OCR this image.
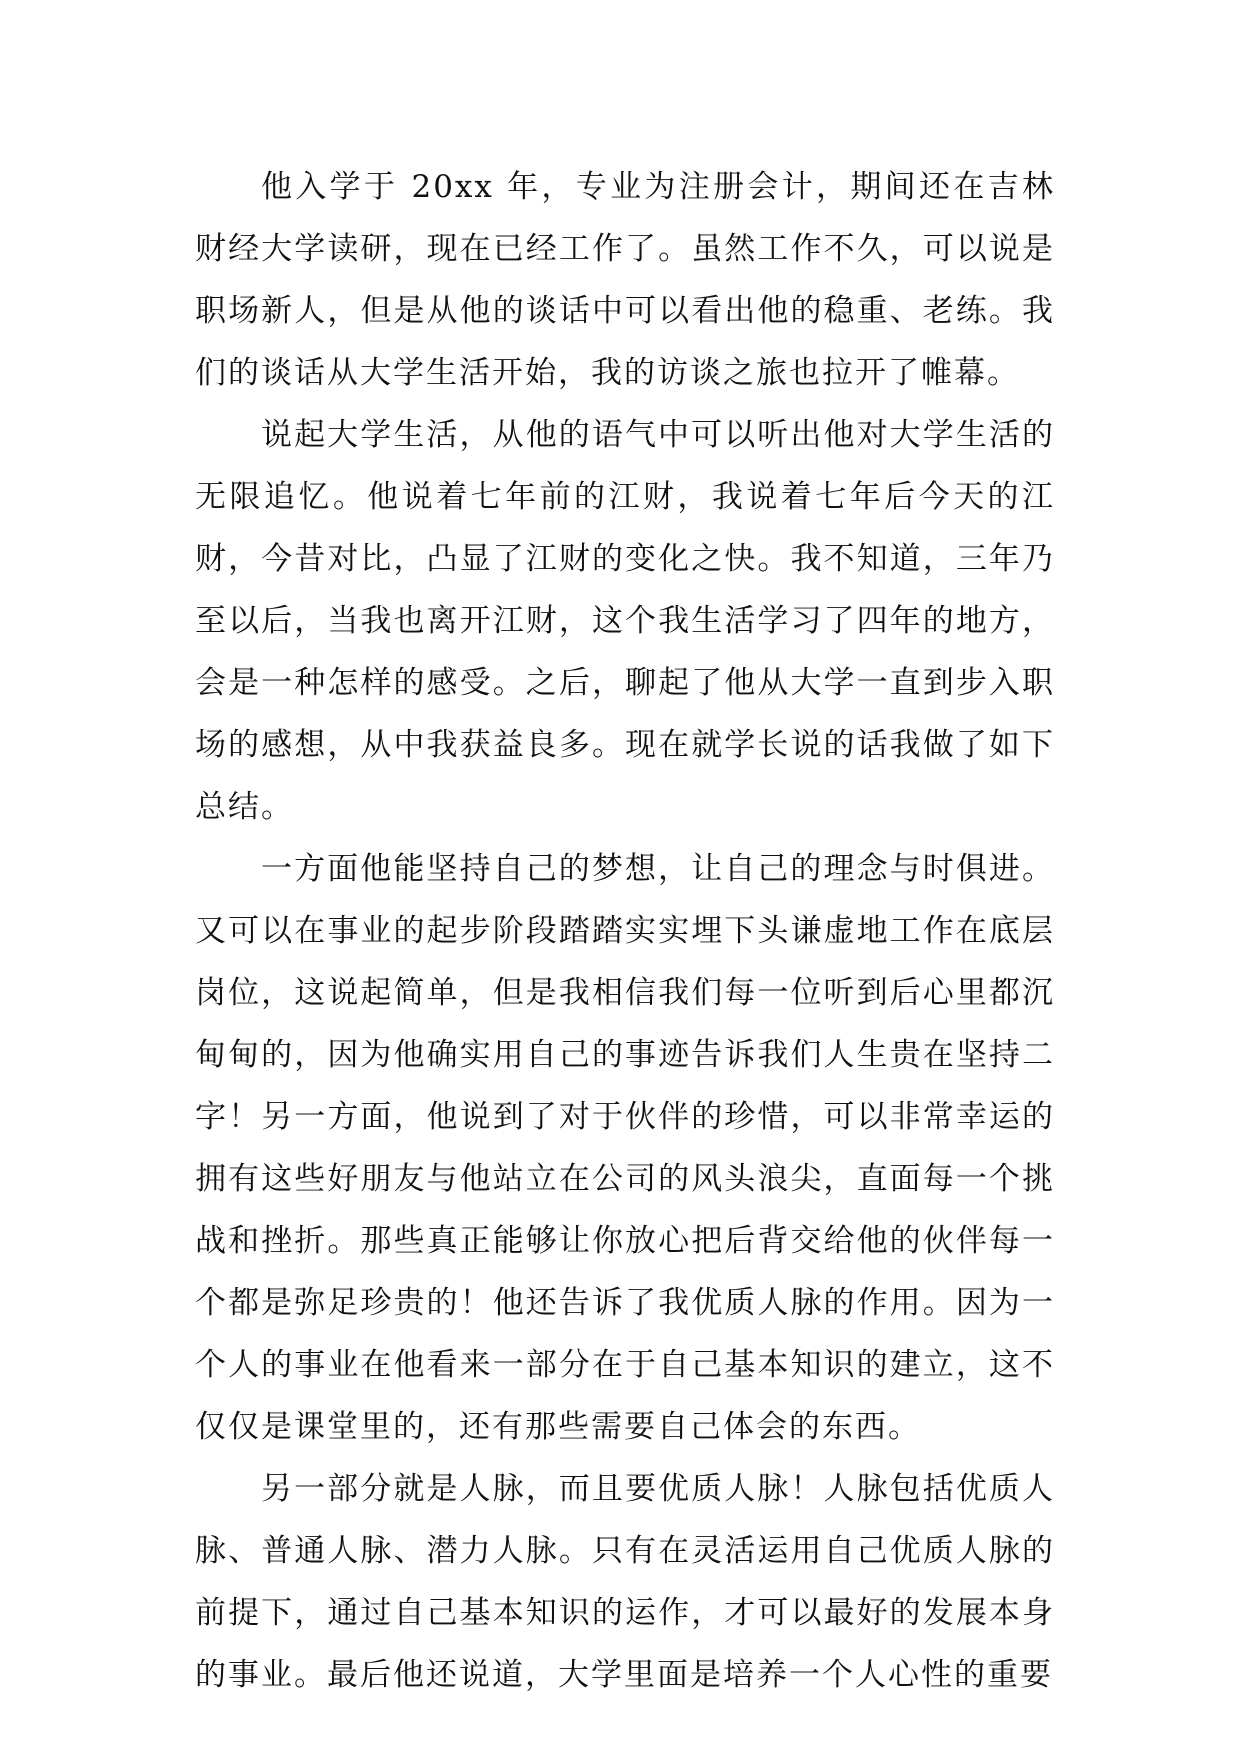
他入学于 20xx 年，专业为注册会计，期间还在吉林财经大学读研，现在已经工作了。虽然工作不久，可以说是职场新人，但是从他的谈话中可以看出他的稳重、老练。我们的谈话从大学生活开始，我的访谈之旅也拉开了帷幕。

说起大学生活，从他的语气中可以听出他对大学生活的无限追忆。他说着七年前的江财，我说着七年后今天的江财，今昔对比，凸显了江财的变化之快。我不知道，三年乃至以后，当我也离开江财，这个我生活学习了四年的地方，会是一种怎样的感受。之后，聊起了他从大学一直到步入职场的感想，从中我获益良多。现在就学长说的话我做了如下总结。

一方面他能坚持自己的梦想，让自己的理念与时俱进。又可以在事业的起步阶段踏踏实实埋下头谦虚地工作在底层岗位，这说起简单，但是我相信我们每一位听到后心里都沉甸甸的，因为他确实用自己的事迹告诉我们人生贵在坚持二字！另一方面，他说到了对于伙伴的珍惜，可以非常幸运的拥有这些好朋友与他站立在公司的风头浪尖，直面每一个挑战和挫折。那些真正能够让你放心把后背交给他的伙伴每一个都是弥足珍贵的！他还告诉了我优质人脉的作用。因为一个人的事业在他看来一部分在于自己基本知识的建立，这不仅仅是课堂里的，还有那些需要自己体会的东西。

另一部分就是人脉，而且要优质人脉！人脉包括优质人脉、普通人脉、潜力人脉。只有在灵活运用自己优质人脉的前提下，通过自己基本知识的运作，才可以最好的发展本身的事业。最后他还说道，大学里面是培养一个人心性的重要
